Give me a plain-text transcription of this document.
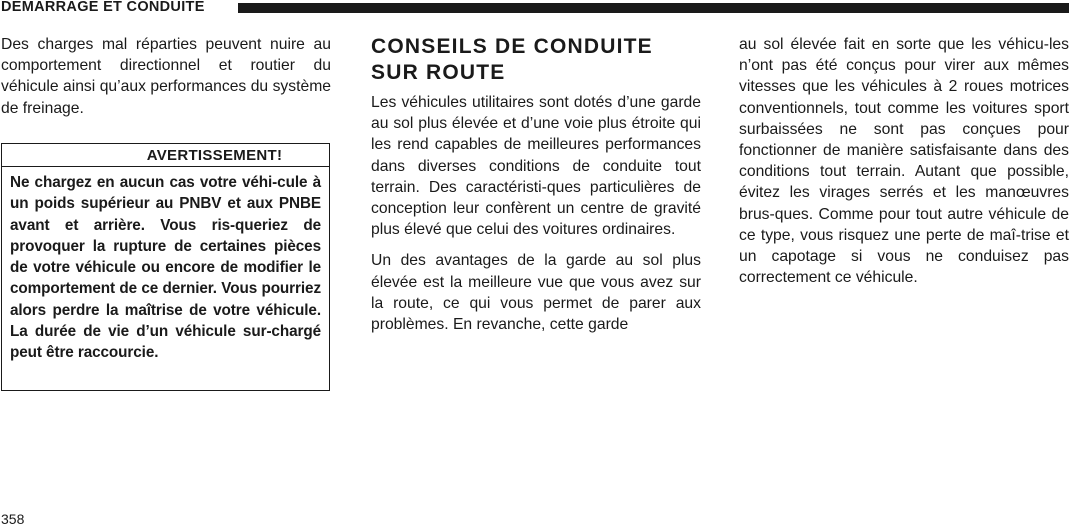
DÉMARRAGE ET CONDUITE

Des charges mal réparties peuvent nuire au comportement directionnel et routier du véhicule ainsi qu’aux performances du système de freinage.

AVERTISSEMENT!
Ne chargez en aucun cas votre véhi-cule à un poids supérieur au PNBV et aux PNBE avant et arrière. Vous ris-queriez de provoquer la rupture de certaines pièces de votre véhicule ou encore de modifier le comportement de ce dernier. Vous pourriez alors perdre la maîtrise de votre véhicule. La durée de vie d’un véhicule sur-chargé peut être raccourcie.
CONSEILS DE CONDUITE SUR ROUTE

Les véhicules utilitaires sont dotés d’une garde au sol plus élevée et d’une voie plus étroite qui les rend capables de meilleures performances dans diverses conditions de conduite tout terrain. Des caractéristi-ques particulières de conception leur confèrent un centre de gravité plus élevé que celui des voitures ordinaires.

Un des avantages de la garde au sol plus élevée est la meilleure vue que vous avez sur la route, ce qui vous permet de parer aux problèmes. En revanche, cette garde

au sol élevée fait en sorte que les véhicu-les n’ont pas été conçus pour virer aux mêmes vitesses que les véhicules à 2 roues motrices conventionnels, tout comme les voitures sport surbaissées ne sont pas conçues pour fonctionner de manière satisfaisante dans des conditions tout terrain. Autant que possible, évitez les virages serrés et les manœuvres brus-ques. Comme pour tout autre véhicule de ce type, vous risquez une perte de maî-trise et un capotage si vous ne conduisez pas correctement ce véhicule.

358
